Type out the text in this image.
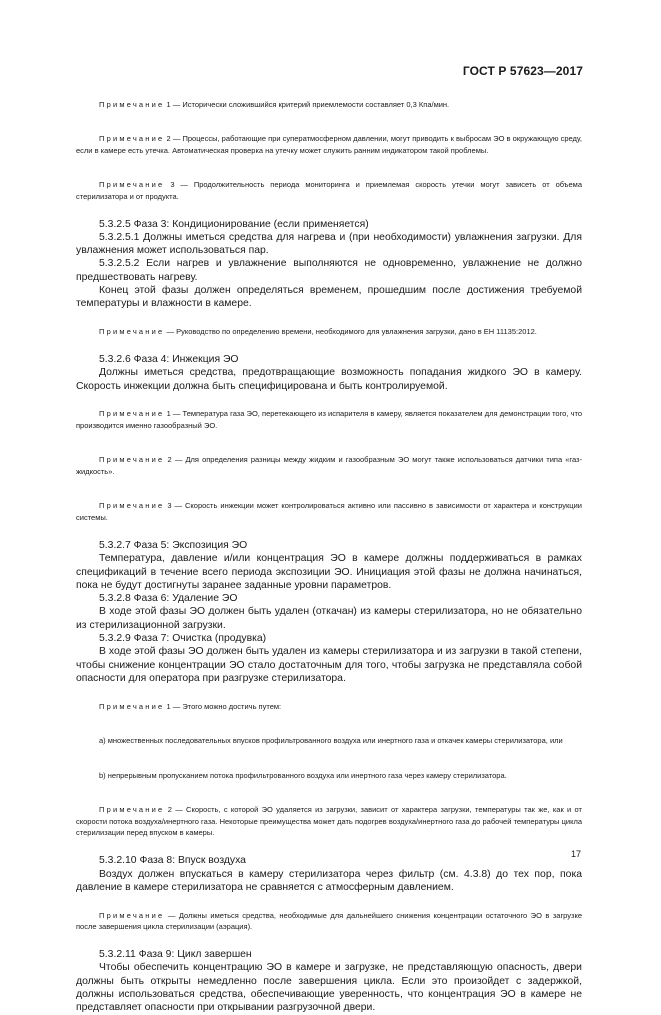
ГОСТ Р 57623—2017

Примечание 1 — Исторически сложившийся критерий приемлемости составляет 0,3 Кпа/мин.

Примечание 2 — Процессы, работающие при суператмосферном давлении, могут приводить к выбросам ЭО в окружающую среду, если в камере есть утечка. Автоматическая проверка на утечку может служить ранним индикатором такой проблемы.

Примечание 3 — Продолжительность периода мониторинга и приемлемая скорость утечки могут зависеть от объема стерилизатора и от продукта.

5.3.2.5 Фаза 3: Кондиционирование (если применяется)

5.3.2.5.1 Должны иметься средства для нагрева и (при необходимости) увлажнения загрузки. Для увлажнения может использоваться пар.

5.3.2.5.2 Если нагрев и увлажнение выполняются не одновременно, увлажнение не должно предшествовать нагреву.

Конец этой фазы должен определяться временем, прошедшим после достижения требуемой температуры и влажности в камере.

Примечание — Руководство по определению времени, необходимого для увлажнения загрузки, дано в ЕН 11135:2012.

5.3.2.6 Фаза 4: Инжекция ЭО

Должны иметься средства, предотвращающие возможность попадания жидкого ЭО в камеру. Скорость инжекции должна быть специфицирована и быть контролируемой.

Примечание 1 — Температура газа ЭО, перетекающего из испарителя в камеру, является показателем для демонстрации того, что производится именно газообразный ЭО.

Примечание 2 — Для определения разницы между жидким и газообразным ЭО могут также использоваться датчики типа «газ-жидкость».

Примечание 3 — Скорость инжекции может контролироваться активно или пассивно в зависимости от характера и конструкции системы.

5.3.2.7 Фаза 5: Экспозиция ЭО

Температура, давление и/или концентрация ЭО в камере должны поддерживаться в рамках спецификаций в течение всего периода экспозиции ЭО. Инициация этой фазы не должна начинаться, пока не будут достигнуты заранее заданные уровни параметров.

5.3.2.8 Фаза 6: Удаление ЭО

В ходе этой фазы ЭО должен быть удален (откачан) из камеры стерилизатора, но не обязательно из стерилизационной загрузки.

5.3.2.9 Фаза 7: Очистка (продувка)

В ходе этой фазы ЭО должен быть удален из камеры стерилизатора и из загрузки в такой степени, чтобы снижение концентрации ЭО стало достаточным для того, чтобы загрузка не представляла собой опасности для оператора при разгрузке стерилизатора.

Примечание 1 — Этого можно достичь путем:

a) множественных последовательных впусков профильтрованного воздуха или инертного газа и откачек камеры стерилизатора, или

b) непрерывным пропусканием потока профильтрованного воздуха или инертного газа через камеру стерилизатора.

Примечание 2 — Скорость, с которой ЭО удаляется из загрузки, зависит от характера загрузки, температуры так же, как и от скорости потока воздуха/инертного газа. Некоторые преимущества может дать подогрев воздуха/инертного газа до рабочей температуры цикла стерилизации перед впуском в камеры.

5.3.2.10 Фаза 8: Впуск воздуха

Воздух должен впускаться в камеру стерилизатора через фильтр (см. 4.3.8) до тех пор, пока давление в камере стерилизатора не сравняется с атмосферным давлением.

Примечание — Должны иметься средства, необходимые для дальнейшего снижения концентрации остаточного ЭО в загрузке после завершения цикла стерилизации (аэрация).

5.3.2.11 Фаза 9: Цикл завершен

Чтобы обеспечить концентрацию ЭО в камере и загрузке, не представляющую опасность, двери должны быть открыты немедленно после завершения цикла. Если это произойдет с задержкой, должны использоваться средства, обеспечивающие уверенность, что концентрация ЭО в камере не представляет опасности при открывании разгрузочной двери.

17
